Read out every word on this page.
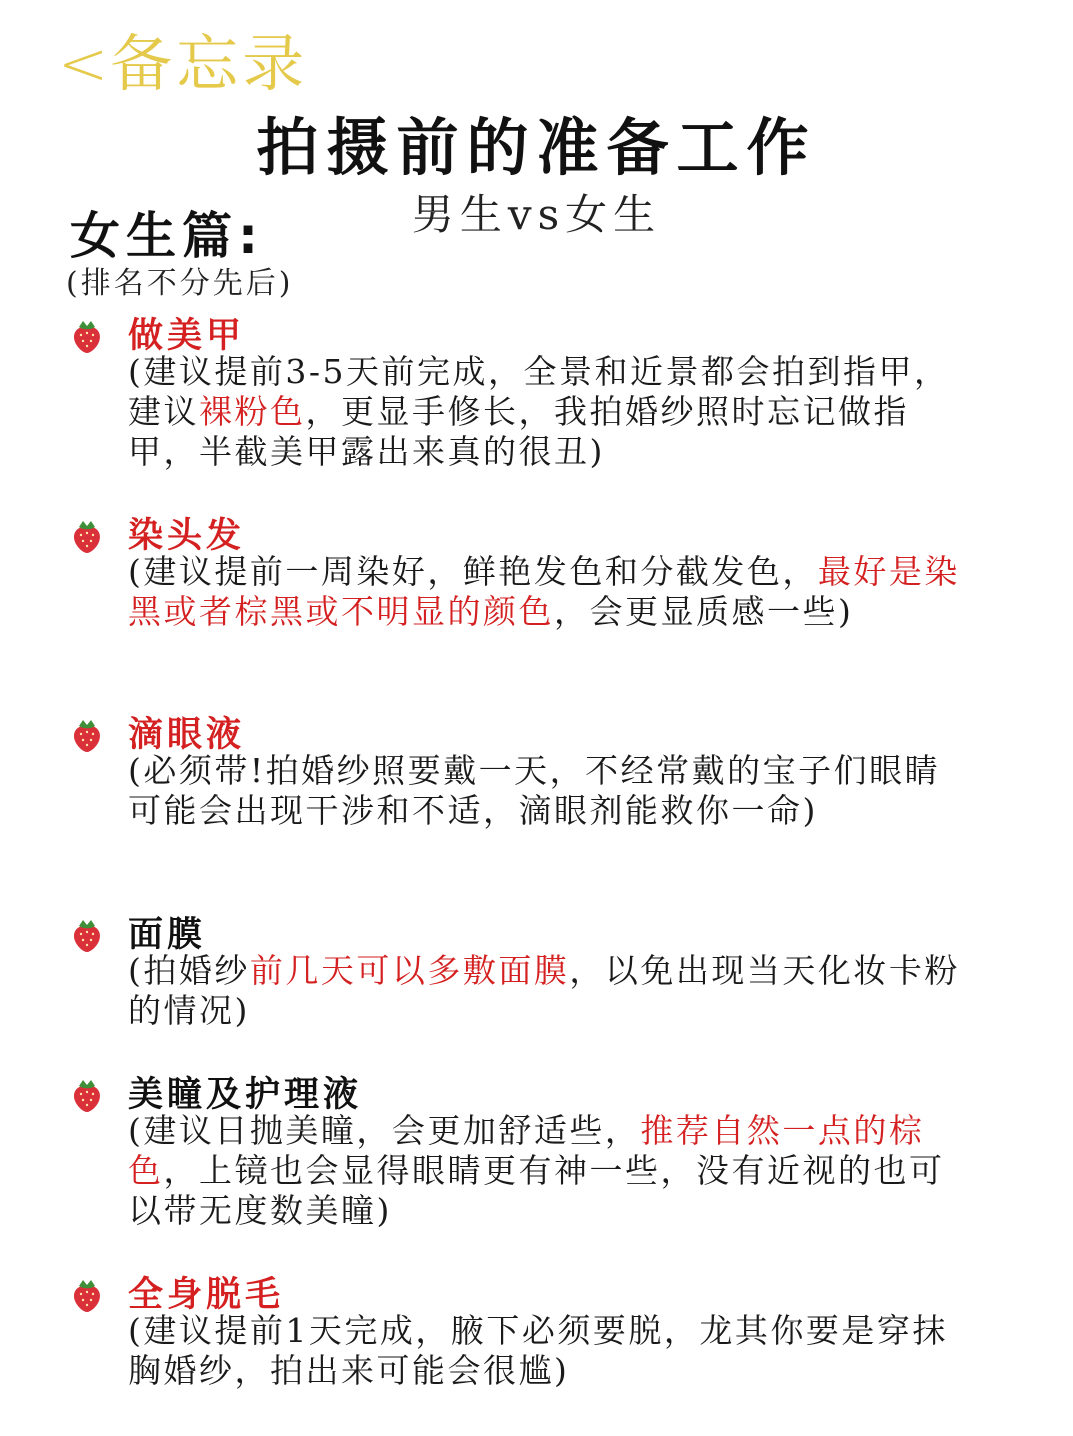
< 备忘录
拍摄前的准备工作
男生vs女生
女生篇:
(排名不分先后)
做美甲
(建议提前3-5天前完成，全景和近景都会拍到指甲，建议裸粉色，更显手修长，我拍婚纱照时忘记做指甲，半截美甲露出来真的很丑)
染头发
(建议提前一周染好，鲜艳发色和分截发色，最好是染黑或者棕黑或不明显的颜色，会更显质感一些)
滴眼液
(必须带!拍婚纱照要戴一天，不经常戴的宝子们眼睛可能会出现干涉和不适，滴眼剂能救你一命)
面膜
(拍婚纱前几天可以多敷面膜，以免出现当天化妆卡粉的情况)
美瞳及护理液
(建议日抛美瞳，会更加舒适些，推荐自然一点的棕色，上镜也会显得眼睛更有神一些，没有近视的也可以带无度数美瞳)
全身脱毛
(建议提前1天完成，腋下必须要脱，龙其你要是穿抹胸婚纱，拍出来可能会很尴)
